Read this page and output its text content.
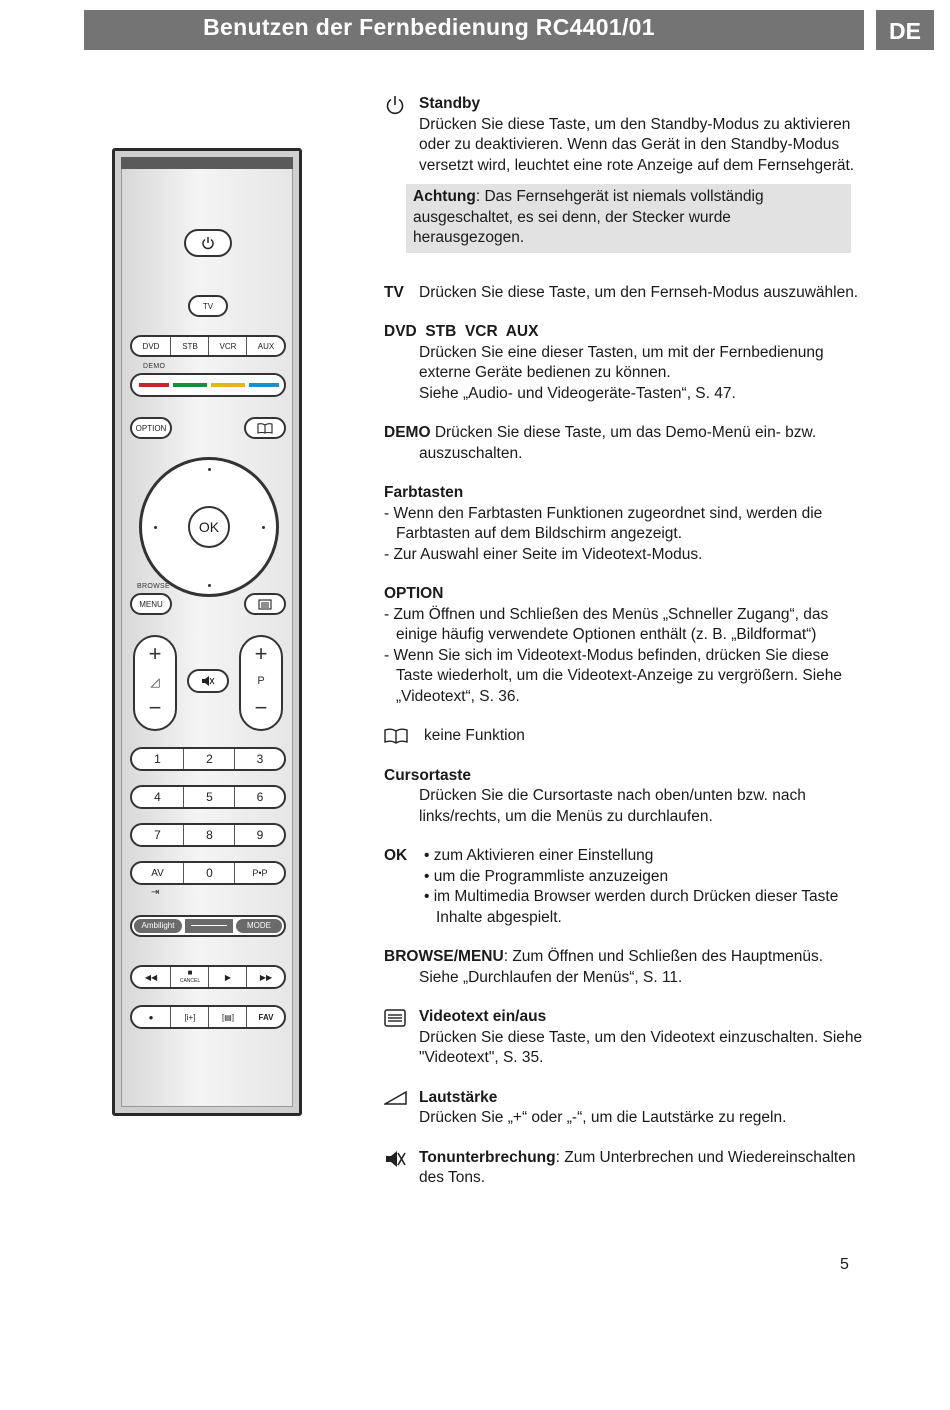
Benutzen der Fernbedienung RC4401/01	DE
TV
DVD	STB	VCR	AUX
DEMO
OPTION
OK
BROWSE
MENU
+
◿
−
+
P
−
1	2	3
4	5	6
7	8	9
AV	0	P•P
⇥
Ambilight	MODE
◀◀	■
CANCEL	▶	▶▶
●	[i+]	[▤]	FAV
Standby
Drücken Sie diese Taste, um den Standby-Modus zu aktivieren oder zu deaktivieren. Wenn das Gerät in den Standby-Modus versetzt wird, leuchtet eine rote Anzeige auf dem Fernsehgerät.
Achtung: Das Fernsehgerät ist niemals vollständig ausgeschaltet, es sei denn, der Stecker wurde herausgezogen.
TV Drücken Sie diese Taste, um den Fernseh-Modus auszuwählen.
DVD  STB  VCR  AUX
Drücken Sie eine dieser Tasten, um mit der Fernbedienung externe Geräte bedienen zu können.
Siehe „Audio- und Videogeräte-Tasten“, S. 47.
DEMO Drücken Sie diese Taste, um das Demo-Menü ein- bzw. auszuschalten.
Farbtasten
- Wenn den Farbtasten Funktionen zugeordnet sind, werden die Farbtasten auf dem Bildschirm angezeigt.
- Zur Auswahl einer Seite im Videotext-Modus.
OPTION
- Zum Öffnen und Schließen des Menüs „Schneller Zugang“, das einige häufig verwendete Optionen enthält (z. B. „Bildformat“)
- Wenn Sie sich im Videotext-Modus befinden, drücken Sie diese Taste wiederholt, um die Videotext-Anzeige zu vergrößern. Siehe „Videotext“, S. 36.
keine Funktion
Cursortaste
Drücken Sie die Cursortaste nach oben/unten bzw. nach links/rechts, um die Menüs zu durchlaufen.
OK	• zum Aktivieren einer Einstellung
• um die Programmliste anzuzeigen
• im Multimedia Browser werden durch Drücken dieser Taste Inhalte abgespielt.
BROWSE/MENU: Zum Öffnen und Schließen des Hauptmenüs. Siehe „Durchlaufen der Menüs“, S. 11.
Videotext ein/aus
Drücken Sie diese Taste, um den Videotext einzuschalten. Siehe "Videotext", S. 35.
Lautstärke
Drücken Sie „+“ oder „-“, um die Lautstärke zu regeln.
Tonunterbrechung: Zum Unterbrechen und Wiedereinschalten des Tons.
5
